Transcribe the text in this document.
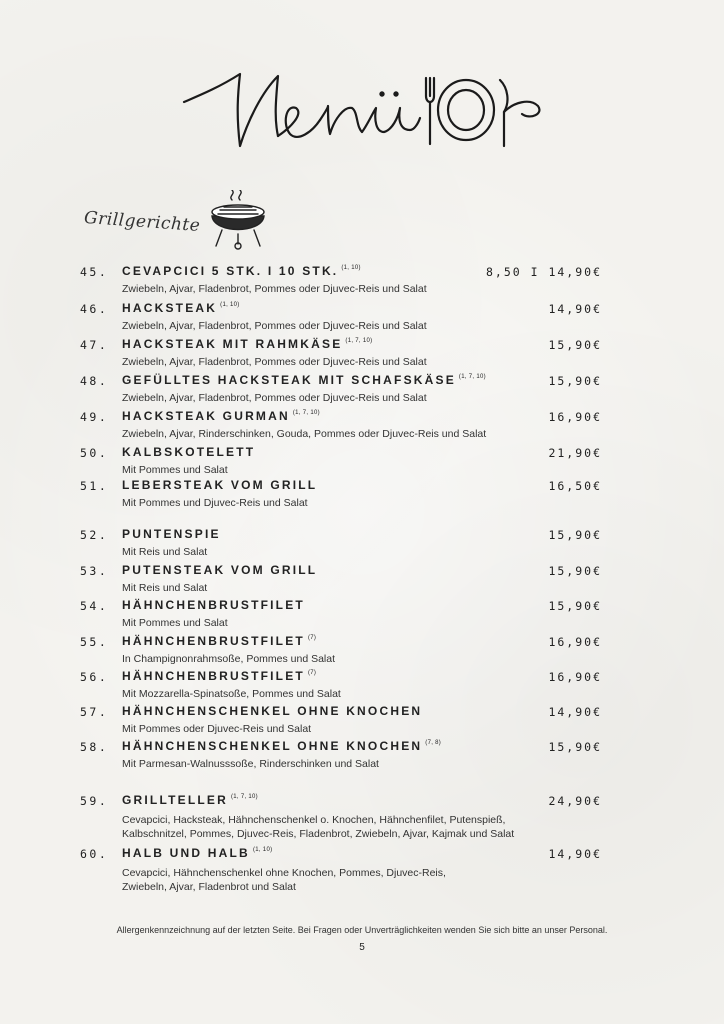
Grillgerichte
45. CEVAPCICI 5 STK. I 10 STK. $^{(1, 10)}$	8,50 I 14,90€
Zwiebeln, Ajvar, Fladenbrot, Pommes oder Djuvec-Reis und Salat
46. HACKSTEAK $^{(1, 10)}$	14,90€
Zwiebeln, Ajvar, Fladenbrot, Pommes oder Djuvec-Reis und Salat
47. HACKSTEAK MIT RAHMKÄSE $^{(1, 7, 10)}$	15,90€
Zwiebeln, Ajvar, Fladenbrot, Pommes oder Djuvec-Reis und Salat
48. GEFÜLLTES HACKSTEAK MIT SCHAFSKÄSE $^{(1, 7, 10)}$	15,90€
Zwiebeln, Ajvar, Fladenbrot, Pommes oder Djuvec-Reis und Salat
49. HACKSTEAK GURMAN $^{(1, 7, 10)}$	16,90€
Zwiebeln, Ajvar, Rinderschinken, Gouda, Pommes oder Djuvec-Reis und Salat
50. KALBSKOTELETT	21,90€
Mit Pommes und Salat
51. LEBERSTEAK VOM GRILL	16,50€
Mit Pommes und Djuvec-Reis und Salat
52. PUNTENSPIE	15,90€
Mit Reis und Salat
53. PUTENSTEAK VOM GRILL	15,90€
Mit Reis und Salat
54. HÄHNCHENBRUSTFILET	15,90€
Mit Pommes und Salat
55. HÄHNCHENBRUSTFILET $^{(7)}$	16,90€
In Champignonrahmsoße, Pommes und Salat
56. HÄHNCHENBRUSTFILET $^{(7)}$	16,90€
Mit Mozzarella-Spinatsoße, Pommes und Salat
57. HÄHNCHENSCHENKEL OHNE KNOCHEN	14,90€
Mit Pommes oder Djuvec-Reis und Salat
58. HÄHNCHENSCHENKEL OHNE KNOCHEN $^{(7, 8)}$	15,90€
Mit Parmesan-Walnusssoße, Rinderschinken und Salat
59. GRILLTELLER $^{(1, 7, 10)}$	24,90€
Cevapcici, Hacksteak, Hähnchenschenkel o. Knochen, Hähnchenfilet, Putenspieß,
Kalbschnitzel, Pommes, Djuvec-Reis, Fladenbrot, Zwiebeln, Ajvar, Kajmak und Salat
60. HALB UND HALB $^{(1, 10)}$	14,90€
Cevapcici, Hähnchenschenkel ohne Knochen, Pommes, Djuvec-Reis,
Zwiebeln, Ajvar, Fladenbrot und Salat
Allergenkennzeichnung auf der letzten Seite. Bei Fragen oder Unverträglichkeiten wenden Sie sich bitte an unser Personal.
5
